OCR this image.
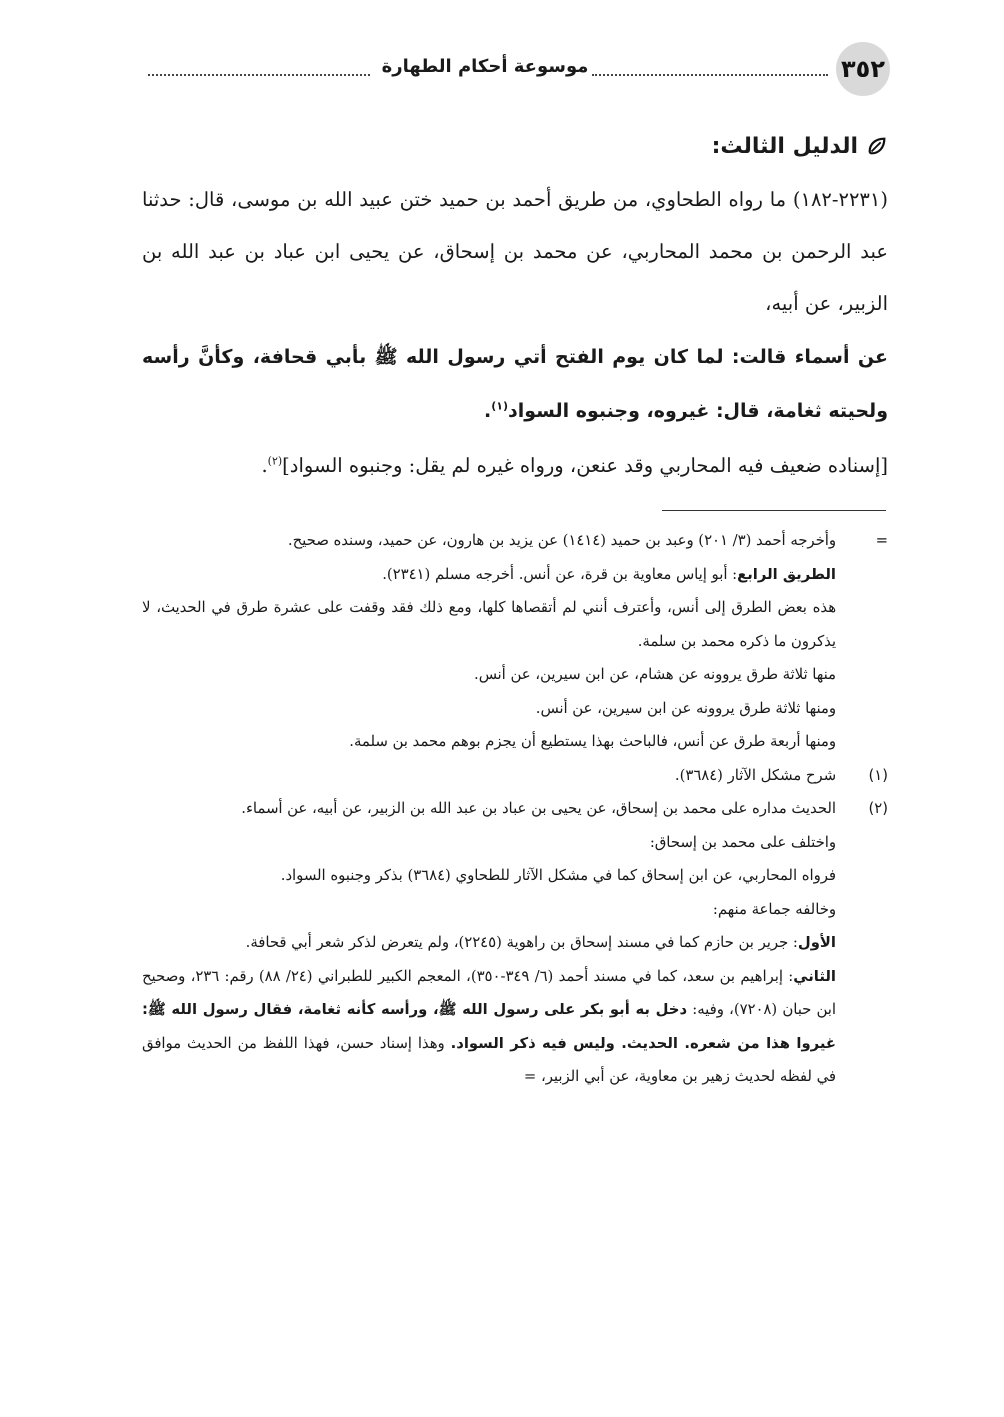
٣٥٢
موسوعة أحكام الطهارة
الدليل الثالث:

(٢٢٣١-١٨٢) ما رواه الطحاوي، من طريق أحمد بن حميد ختن عبيد الله بن موسى، قال: حدثنا عبد الرحمن بن محمد المحاربي، عن محمد بن إسحاق، عن يحيى ابن عباد بن عبد الله بن الزبير، عن أبيه،

عن أسماء قالت: لما كان يوم الفتح أتي رسول الله ﷺ بأبي قحافة، وكأنَّ رأسه ولحيته ثغامة، قال: غيروه، وجنبوه السواد$^{(١)}$.

[إسناده ضعيف فيه المحاربي وقد عنعن، ورواه غيره لم يقل: وجنبوه السواد]$^{(٢)}$.

=
وأخرجه أحمد (٣/ ٢٠١) وعبد بن حميد (١٤١٤) عن يزيد بن هارون، عن حميد، وسنده صحيح.

الطريق الرابع: أبو إياس معاوية بن قرة، عن أنس. أخرجه مسلم (٢٣٤١).

هذه بعض الطرق إلى أنس، وأعترف أنني لم أتقصاها كلها، ومع ذلك فقد وقفت على عشرة طرق في الحديث، لا يذكرون ما ذكره محمد بن سلمة.

منها ثلاثة طرق يروونه عن هشام، عن ابن سيرين، عن أنس.

ومنها ثلاثة طرق يروونه عن ابن سيرين، عن أنس.

ومنها أربعة طرق عن أنس، فالباحث بهذا يستطيع أن يجزم بوهم محمد بن سلمة.

(١)
شرح مشكل الآثار (٣٦٨٤).
(٢)
الحديث مداره على محمد بن إسحاق، عن يحيى بن عباد بن عبد الله بن الزبير، عن أبيه، عن أسماء.

واختلف على محمد بن إسحاق:

فرواه المحاربي، عن ابن إسحاق كما في مشكل الآثار للطحاوي (٣٦٨٤) بذكر وجنبوه السواد.

وخالفه جماعة منهم:

الأول: جرير بن حازم كما في مسند إسحاق بن راهوية (٢٢٤٥)، ولم يتعرض لذكر شعر أبي قحافة.

الثاني: إبراهيم بن سعد، كما في مسند أحمد (٦/ ٣٤٩-٣٥٠)، المعجم الكبير للطبراني (٢٤/ ٨٨) رقم: ٢٣٦، وصحيح ابن حبان (٧٢٠٨)، وفيه: دخل به أبو بكر على رسول الله ﷺ، ورأسه كأنه ثغامة، فقال رسول الله ﷺ: غيروا هذا من شعره. الحديث. وليس فيه ذكر السواد. وهذا إسناد حسن، فهذا اللفظ من الحديث موافق في لفظه لحديث زهير بن معاوية، عن أبي الزبير، =
